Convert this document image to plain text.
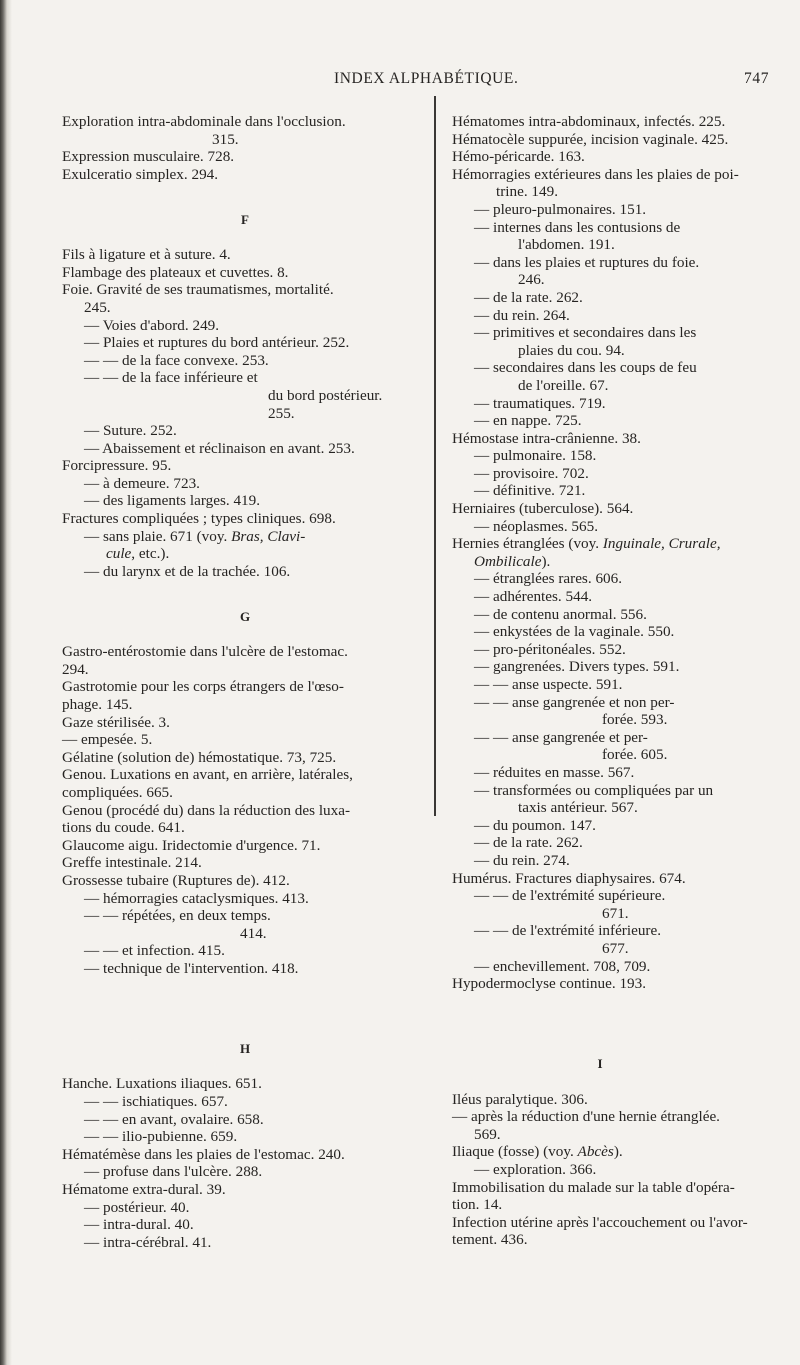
INDEX ALPHABÉTIQUE.	747
Exploration intra-abdominale dans l'occlusion.
315.
Expression musculaire. 728.
Exulceratio simplex. 294.
F
Fils à ligature et à suture. 4.
Flambage des plateaux et cuvettes. 8.
Foie. Gravité de ses traumatismes, mortalité.
245.
— Voies d'abord. 249.
— Plaies et ruptures du bord antérieur. 252.
— — de la face convexe. 253.
— — de la face inférieure et
du bord postérieur.
255.
— Suture. 252.
— Abaissement et réclinaison en avant. 253.
Forcipressure. 95.
— à demeure. 723.
— des ligaments larges. 419.
Fractures compliquées ; types cliniques. 698.
— sans plaie. 671 (voy. Bras, Clavi-
cule, etc.).
— du larynx et de la trachée. 106.
G
Gastro-entérostomie dans l'ulcère de l'estomac.
294.
Gastrotomie pour les corps étrangers de l'œso-
phage. 145.
Gaze stérilisée. 3.
— empesée. 5.
Gélatine (solution de) hémostatique. 73, 725.
Genou. Luxations en avant, en arrière, latérales,
compliquées. 665.
Genou (procédé du) dans la réduction des luxa-
tions du coude. 641.
Glaucome aigu. Iridectomie d'urgence. 71.
Greffe intestinale. 214.
Grossesse tubaire (Ruptures de). 412.
— hémorragies cataclysmiques. 413.
— — répétées, en deux temps.
414.
— — et infection. 415.
— technique de l'intervention. 418.
H
Hanche. Luxations iliaques. 651.
— — ischiatiques. 657.
— — en avant, ovalaire. 658.
— — ilio-pubienne. 659.
Hématémèse dans les plaies de l'estomac. 240.
— profuse dans l'ulcère. 288.
Hématome extra-dural. 39.
— postérieur. 40.
— intra-dural. 40.
— intra-cérébral. 41.
Hématomes intra-abdominaux, infectés. 225.
Hématocèle suppurée, incision vaginale. 425.
Hémo-péricarde. 163.
Hémorragies extérieures dans les plaies de poi-
trine. 149.
— pleuro-pulmonaires. 151.
— internes dans les contusions de
l'abdomen. 191.
— dans les plaies et ruptures du foie.
246.
— de la rate. 262.
— du rein. 264.
— primitives et secondaires dans les
plaies du cou. 94.
— secondaires dans les coups de feu
de l'oreille. 67.
— traumatiques. 719.
— en nappe. 725.
Hémostase intra-crânienne. 38.
— pulmonaire. 158.
— provisoire. 702.
— définitive. 721.
Herniaires (tuberculose). 564.
— néoplasmes. 565.
Hernies étranglées (voy. Inguinale, Crurale,
Ombilicale).
— étranglées rares. 606.
— adhérentes. 544.
— de contenu anormal. 556.
— enkystées de la vaginale. 550.
— pro-péritonéales. 552.
— gangrenées. Divers types. 591.
— — anse uspecte. 591.
— — anse gangrenée et non per-
forée. 593.
— — anse gangrenée et per-
forée. 605.
— réduites en masse. 567.
— transformées ou compliquées par un
taxis antérieur. 567.
— du poumon. 147.
— de la rate. 262.
— du rein. 274.
Humérus. Fractures diaphysaires. 674.
— — de l'extrémité supérieure.
671.
— — de l'extrémité inférieure.
677.
— enchevillement. 708, 709.
Hypodermoclyse continue. 193.
I
Iléus paralytique. 306.
— après la réduction d'une hernie étranglée.
569.
Iliaque (fosse) (voy. Abcès).
— exploration. 366.
Immobilisation du malade sur la table d'opéra-
tion. 14.
Infection utérine après l'accouchement ou l'avor-
tement. 436.
